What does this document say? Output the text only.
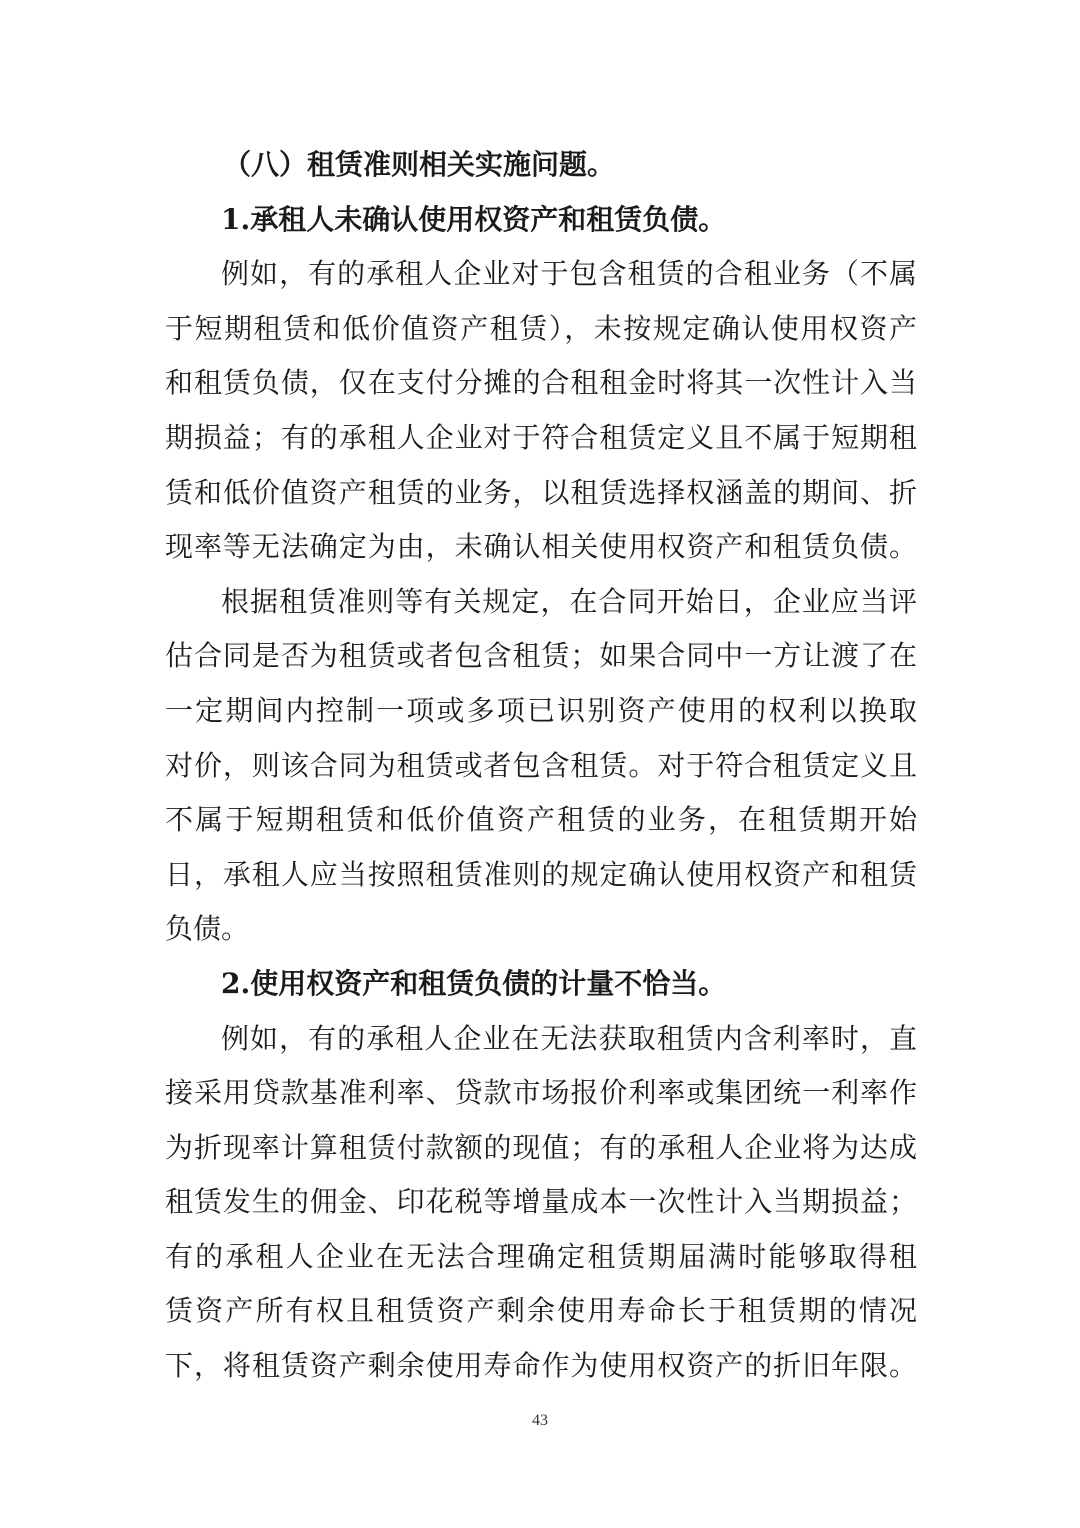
（八）租赁准则相关实施问题。
1.承租人未确认使用权资产和租赁负债。
例如，有的承租人企业对于包含租赁的合租业务（不属
于短期租赁和低价值资产租赁），未按规定确认使用权资产
和租赁负债，仅在支付分摊的合租租金时将其一次性计入当
期损益；有的承租人企业对于符合租赁定义且不属于短期租
赁和低价值资产租赁的业务，以租赁选择权涵盖的期间、折
现率等无法确定为由，未确认相关使用权资产和租赁负债。
根据租赁准则等有关规定，在合同开始日，企业应当评
估合同是否为租赁或者包含租赁；如果合同中一方让渡了在
一定期间内控制一项或多项已识别资产使用的权利以换取
对价，则该合同为租赁或者包含租赁。对于符合租赁定义且
不属于短期租赁和低价值资产租赁的业务，在租赁期开始
日，承租人应当按照租赁准则的规定确认使用权资产和租赁
负债。
2.使用权资产和租赁负债的计量不恰当。
例如，有的承租人企业在无法获取租赁内含利率时，直
接采用贷款基准利率、贷款市场报价利率或集团统一利率作
为折现率计算租赁付款额的现值；有的承租人企业将为达成
租赁发生的佣金、印花税等增量成本一次性计入当期损益；
有的承租人企业在无法合理确定租赁期届满时能够取得租
赁资产所有权且租赁资产剩余使用寿命长于租赁期的情况
下，将租赁资产剩余使用寿命作为使用权资产的折旧年限。
43
